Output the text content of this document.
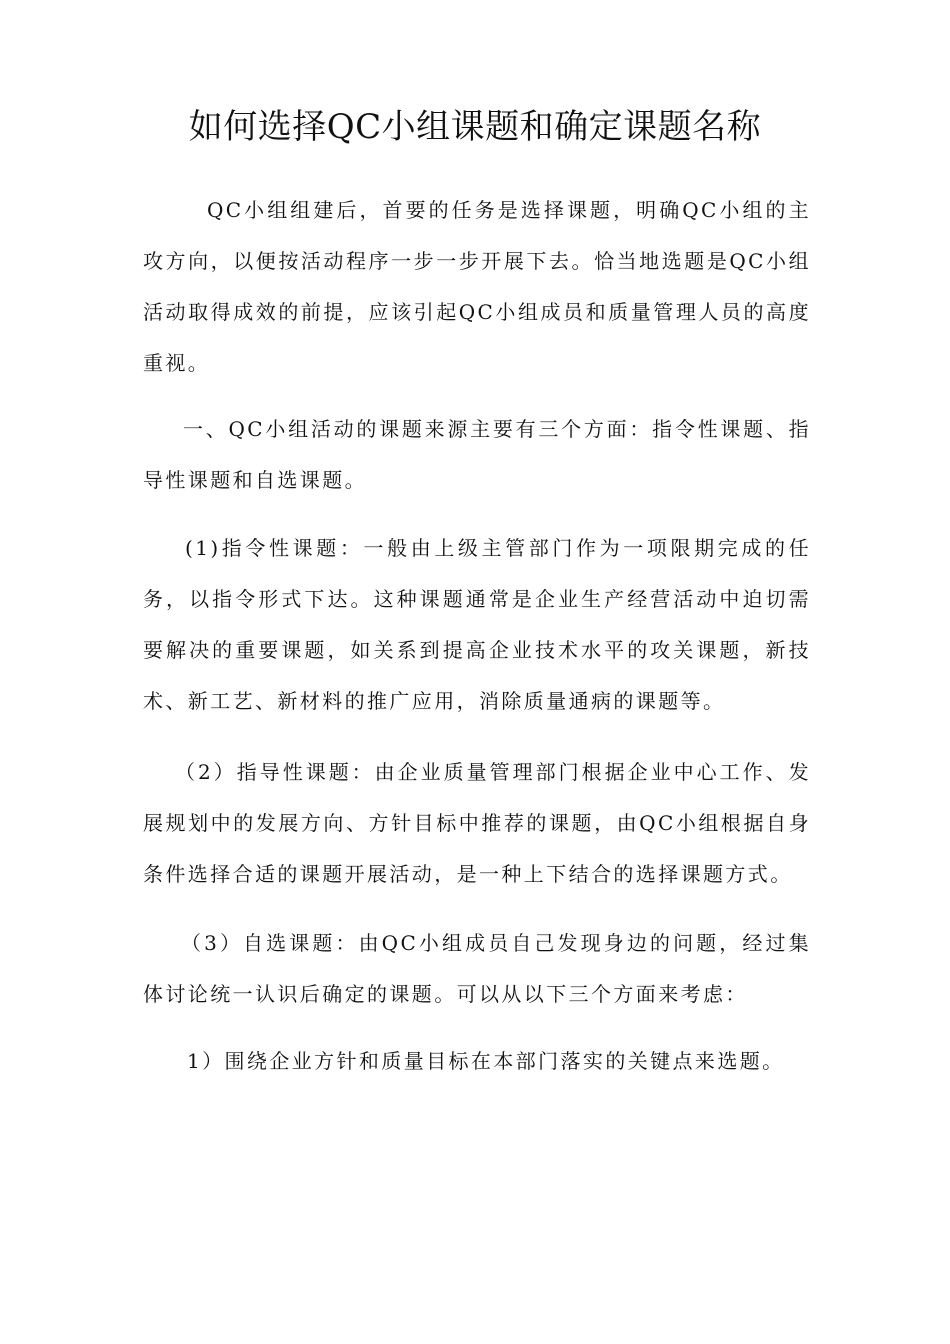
如何选择QC小组课题和确定课题名称

QC小组组建后，首要的任务是选择课题，明确QC小组的主攻方向，以便按活动程序一步一步开展下去。恰当地选题是QC小组活动取得成效的前提，应该引起QC小组成员和质量管理人员的高度重视。

一、QC小组活动的课题来源主要有三个方面：指令性课题、指导性课题和自选课题。

(1)指令性课题：一般由上级主管部门作为一项限期完成的任务，以指令形式下达。这种课题通常是企业生产经营活动中迫切需要解决的重要课题，如关系到提高企业技术水平的攻关课题，新技术、新工艺、新材料的推广应用，消除质量通病的课题等。

（2）指导性课题：由企业质量管理部门根据企业中心工作、发展规划中的发展方向、方针目标中推荐的课题，由QC小组根据自身条件选择合适的课题开展活动，是一种上下结合的选择课题方式。

（3）自选课题：由QC小组成员自己发现身边的问题，经过集体讨论统一认识后确定的课题。可以从以下三个方面来考虑：

1）围绕企业方针和质量目标在本部门落实的关键点来选题。
